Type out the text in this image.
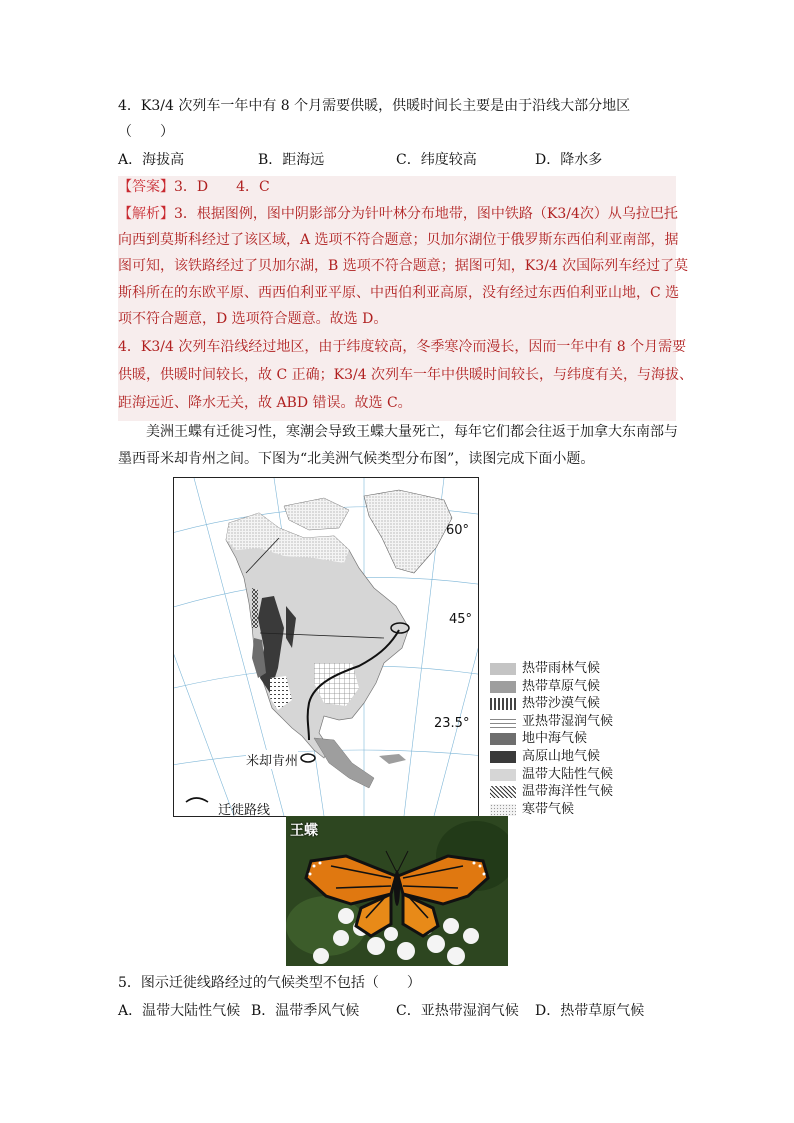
4．K3/4 次列车一年中有 8 个月需要供暖，供暖时间长主要是由于沿线大部分地区
（　　）
A．海拔高	B．距海远	C．纬度较高	D．降水多
【答案】3．D　　4．C
【解析】3．根据图例，图中阴影部分为针叶林分布地带，图中铁路（K3/4次）从乌拉巴托
向西到莫斯科经过了该区域，A 选项不符合题意；贝加尔湖位于俄罗斯东西伯利亚南部，据
图可知，该铁路经过了贝加尔湖，B 选项不符合题意；据图可知，K3/4 次国际列车经过了莫
斯科所在的东欧平原、西西伯利亚平原、中西伯利亚高原，没有经过东西伯利亚山地，C 选
项不符合题意，D 选项符合题意。故选 D。
4．K3/4 次列车沿线经过地区，由于纬度较高，冬季寒冷而漫长，因而一年中有 8 个月需要
供暖，供暖时间较长，故 C 正确；K3/4 次列车一年中供暖时间较长，与纬度有关，与海拔、
距海远近、降水无关，故 ABD 错误。故选 C。
美洲王蝶有迁徙习性，寒潮会导致王蝶大量死亡，每年它们都会往返于加拿大东南部与
墨西哥米却肯州之间。下图为“北美洲气候类型分布图”，读图完成下面小题。
60°
45°
23.5°
米却肯州
迁徙路线
热带雨林气候
热带草原气候
热带沙漠气候
亚热带湿润气候
地中海气候
高原山地气候
温带大陆性气候
温带海洋性气候
寒带气候
王蝶
5．图示迁徙线路经过的气候类型不包括（　　）
A．温带大陆性气候 B．温带季风气候	C．亚热带湿润气候 D．热带草原气候
